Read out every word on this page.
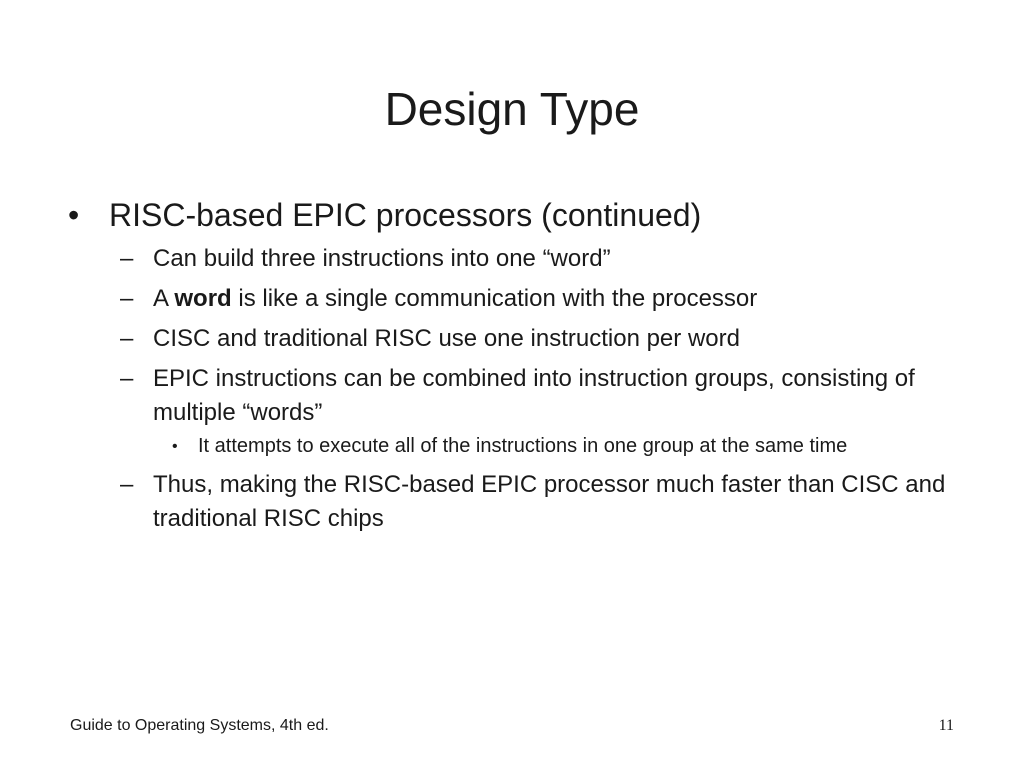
Design Type
• RISC-based EPIC processors (continued)
– Can build three instructions into one “word”
– A word is like a single communication with the processor
– CISC and traditional RISC use one instruction per word
– EPIC instructions can be combined into instruction groups, consisting of multiple “words”
• It attempts to execute all of the instructions in one group at the same time
– Thus, making the RISC-based EPIC processor much faster than CISC and traditional RISC chips
Guide to Operating Systems, 4th ed.	11
